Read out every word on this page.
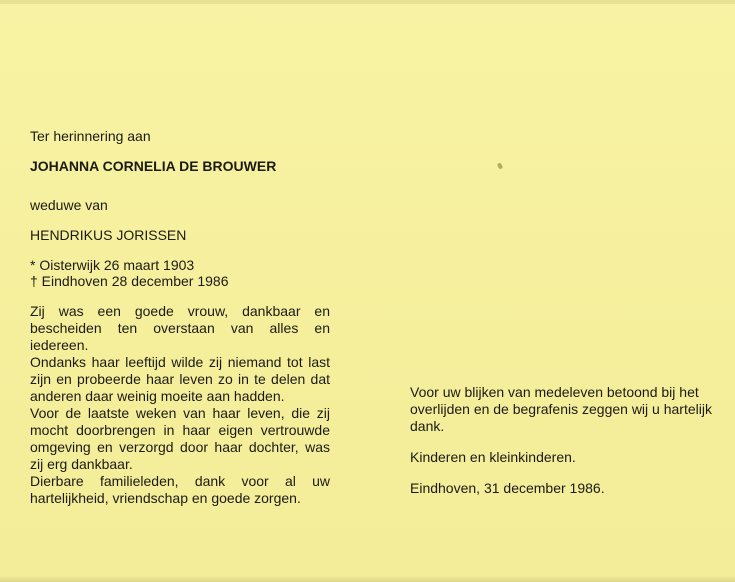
Ter herinnering aan
JOHANNA CORNELIA DE BROUWER
weduwe van
HENDRIKUS JORISSEN
* Oisterwijk 26 maart 1903
† Eindhoven 28 december 1986

Zij was een goede vrouw, dankbaar en bescheiden ten overstaan van alles en iedereen.

Ondanks haar leeftijd wilde zij niemand tot last zijn en probeerde haar leven zo in te delen dat anderen daar weinig moeite aan hadden.

Voor de laatste weken van haar leven, die zij mocht doorbrengen in haar eigen vertrouwde omgeving en verzorgd door haar dochter, was zij erg dankbaar.

Dierbare familieleden, dank voor al uw hartelijkheid, vriendschap en goede zorgen.

Voor uw blijken van medeleven betoond bij het overlijden en de begrafenis zeggen wij u hartelijk dank.

Kinderen en kleinkinderen.

Eindhoven, 31 december 1986.
